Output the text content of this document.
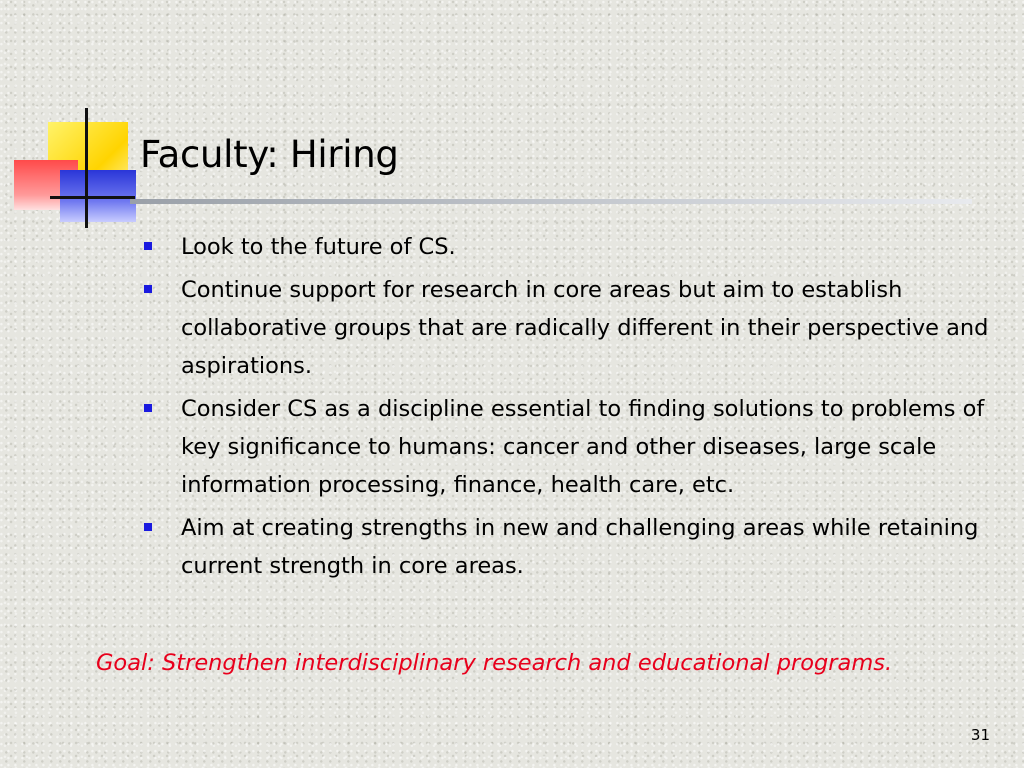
Faculty: Hiring
Look to the future of CS.
Continue support for research in core areas but aim to establish collaborative groups that are radically different in their perspective and aspirations.
Consider CS as a discipline essential to finding solutions to problems of key significance to humans: cancer and other diseases, large scale information processing, finance, health care, etc.
Aim at creating strengths in new and challenging areas while retaining current strength in core areas.

Goal: Strengthen interdisciplinary research and educational programs.

31
